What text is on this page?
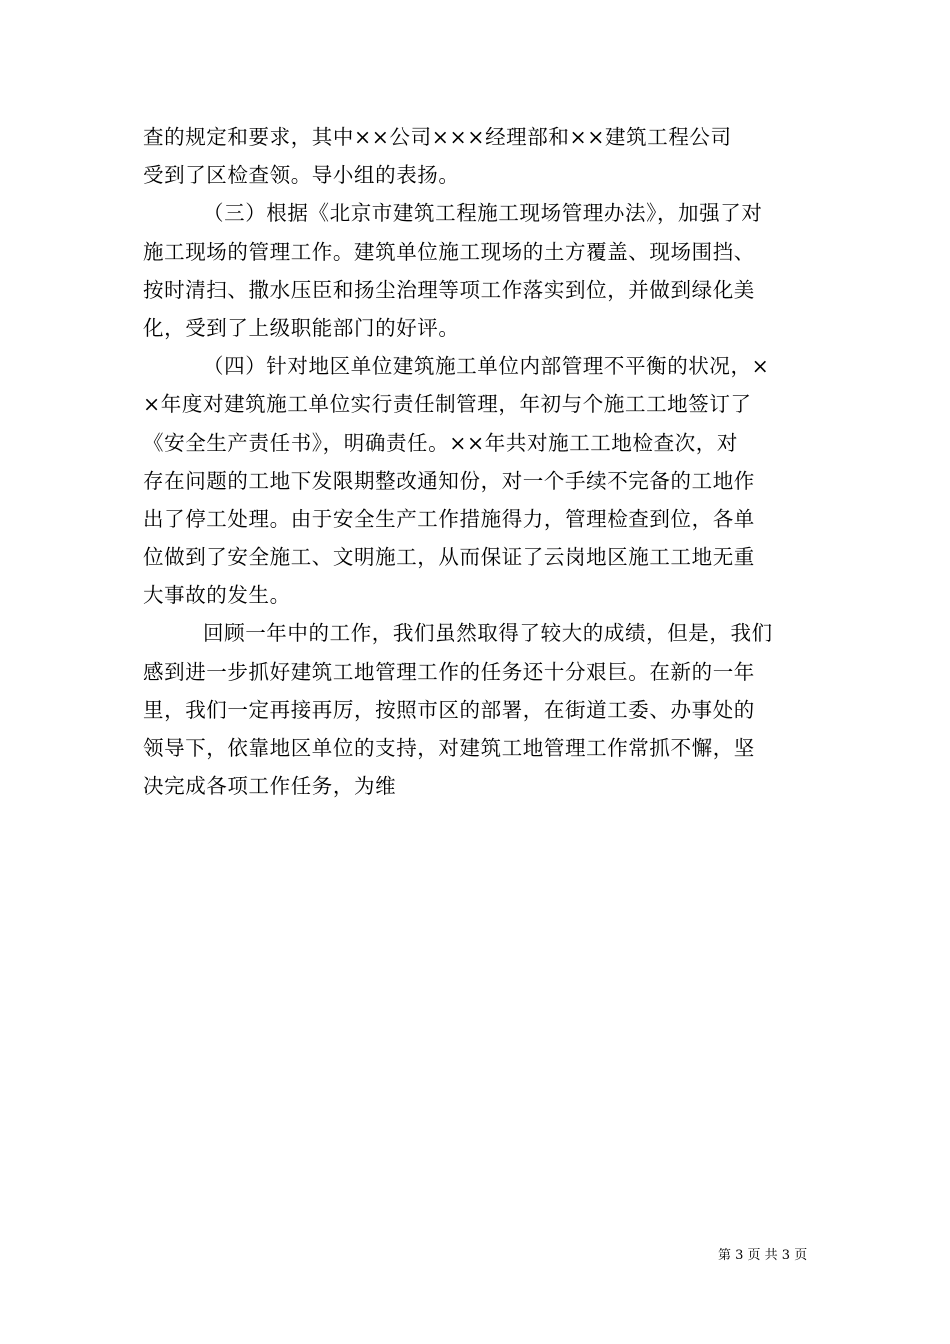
查的规定和要求，其中××公司×××经理部和××建筑工程公司
受到了区检查领。导小组的表扬。
（三）根据《北京市建筑工程施工现场管理办法》，加强了对
施工现场的管理工作。建筑单位施工现场的土方覆盖、现场围挡、
按时清扫、撒水压臣和扬尘治理等项工作落实到位，并做到绿化美
化，受到了上级职能部门的好评。
（四）针对地区单位建筑施工单位内部管理不平衡的状况，×
×年度对建筑施工单位实行责任制管理，年初与个施工工地签订了
《安全生产责任书》，明确责任。××年共对施工工地检查次，对
存在问题的工地下发限期整改通知份，对一个手续不完备的工地作
出了停工处理。由于安全生产工作措施得力，管理检查到位，各单
位做到了安全施工、文明施工，从而保证了云岗地区施工工地无重
大事故的发生。
回顾一年中的工作，我们虽然取得了较大的成绩，但是，我们
感到进一步抓好建筑工地管理工作的任务还十分艰巨。在新的一年
里，我们一定再接再厉，按照市区的部署，在街道工委、办事处的
领导下，依靠地区单位的支持，对建筑工地管理工作常抓不懈，坚
决完成各项工作任务，为维
第 3 页 共 3 页
